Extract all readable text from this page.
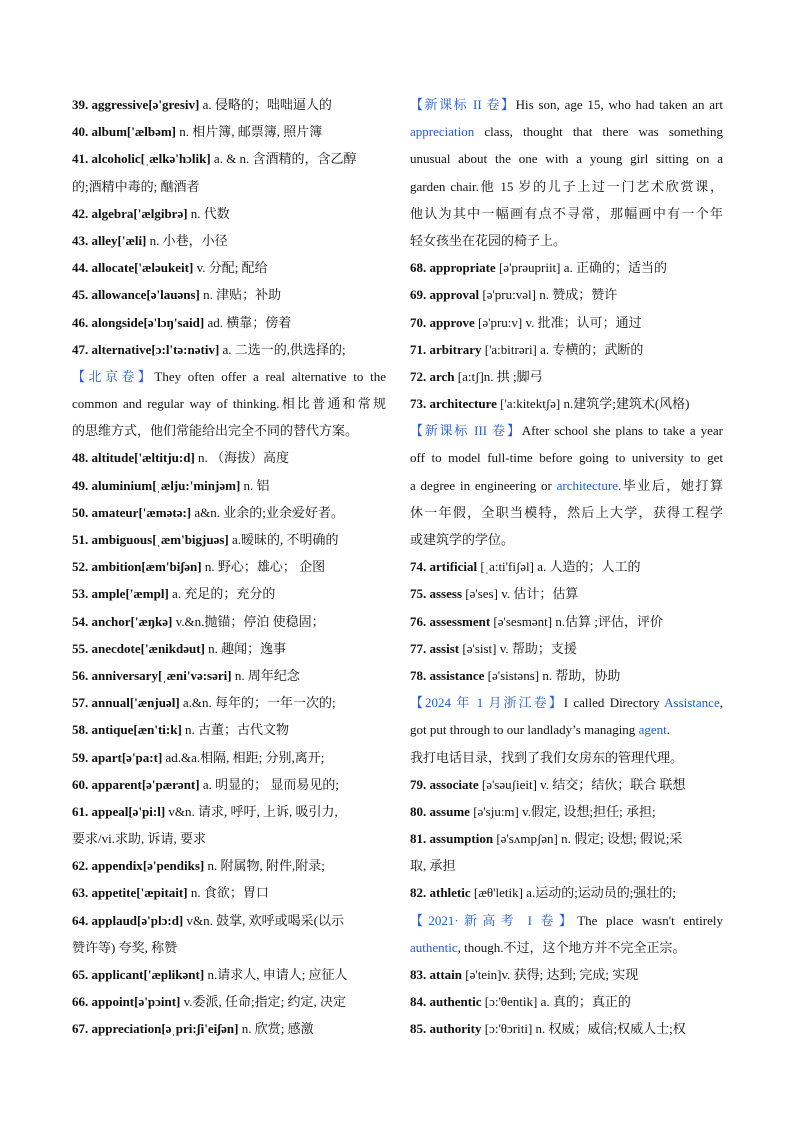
39. aggressive[ə'gresiv] a. 侵略的；咄咄逼人的
40. album['ælbəm] n. 相片簿, 邮票簿, 照片簿
41. alcoholic[ˌælkə'hɔlik] a. & n. 含酒精的，含乙醇
的;酒精中毒的; 酗酒者
42. algebra['ælgibrə] n. 代数
43. alley['æli] n. 小巷，小径
44. allocate['æləukeit] v. 分配; 配给
45. allowance[ə'lauəns] n. 津贴；补助
46. alongside[ə'lɔŋ'said] ad. 横靠；傍着
47. alternative[ɔ:l'tə:nətiv] a. 二选一的,供选择的;
【北京卷】They often offer a real alternative to the
common and regular way of thinking.相比普通和常规
的思维方式，他们常能给出完全不同的替代方案。
48. altitude['æltitju:d] n. （海拔）高度
49. aluminium[ˌælju:'minjəm] n. 铝
50. amateur['æmətə:] a&n. 业余的;业余爱好者。
51. ambiguous[ˌæm'bigjuəs] a.暧昧的, 不明确的
52. ambition[æm'biʃən] n. 野心；雄心； 企图
53. ample['æmpl] a. 充足的；充分的
54. anchor['æŋkə] v.&n.抛锚；停泊 使稳固；
55. anecdote['ænikdəut] n. 趣闻；逸事
56. anniversary[ˌæni'və:səri] n. 周年纪念
57. annual['ænjuəl] a.&n. 每年的；一年一次的;
58. antique[æn'ti:k] n. 古董；古代文物
59. apart[ə'pa:t] ad.&a.相隔, 相距; 分别,离开;
60. apparent[ə'pærənt] a. 明显的； 显而易见的;
61. appeal[ə'pi:l] v&n. 请求, 呼吁, 上诉, 吸引力,
要求/vi.求助, 诉请, 要求
62. appendix[ə'pendiks] n. 附属物, 附件,附录;
63. appetite['æpitait] n. 食欲；胃口
64. applaud[ə'plɔ:d] v&n. 鼓掌, 欢呼或喝采(以示
赞许等) 夸奖, 称赞
65. applicant['æplikənt] n.请求人, 申请人; 应征人
66. appoint[ə'pɔint] v.委派, 任命;指定; 约定, 决定
67. appreciation[əˌpri:ʃi'eiʃən] n. 欣赏; 感激
【新课标 II 卷】His son, age 15, who had taken an art
appreciation class, thought that there was something
unusual about the one with a young girl sitting on a
garden chair.他 15 岁的儿子上过一门艺术欣赏课，
他认为其中一幅画有点不寻常，那幅画中有一个年
轻女孩坐在花园的椅子上。
68. appropriate [ə'prəupriit] a. 正确的；适当的
69. approval [ə'pru:vəl] n. 赞成；赞许
70. approve [ə'pru:v] v. 批准；认可；通过
71. arbitrary ['a:bitrəri] a. 专横的；武断的
72. arch [a:tʃ]n. 拱 ;脚弓
73. architecture ['a:kitektʃə] n.建筑学;建筑术(风格)
【新课标 III 卷】After school she plans to take a year
off to model full-time before going to university to get
a degree in engineering or architecture.毕业后，她打算
休一年假，全职当模特，然后上大学，获得工程学
或建筑学的学位。
74. artificial [ˌa:ti'fiʃəl] a. 人造的；人工的
75. assess [ə'ses] v. 估计；估算
76. assessment [ə'sesmənt] n.估算 ;评估，评价
77. assist [ə'sist] v. 帮助；支援
78. assistance [ə'sistəns] n. 帮助，协助
【2024 年 1 月浙江卷】I called Directory Assistance,
got put through to our landlady’s managing agent.
我打电话目录，找到了我们女房东的管理代理。
79. associate [ə'səuʃieit] v. 结交；结伙；联合 联想
80. assume [ə'sju:m] v.假定, 设想;担任; 承担;
81. assumption [ə'sʌmpʃən] n. 假定; 设想; 假说;采
取, 承担
82. athletic [æθ'letik] a.运动的;运动员的;强壮的;
【2021·新高考 I 卷】The place wasn't entirely
authentic, though.不过，这个地方并不完全正宗。
83. attain [ə'tein]v. 获得; 达到; 完成; 实现
84. authentic [ɔ:'θentik] a. 真的；真正的
85. authority [ɔ:'θɔriti] n. 权威；威信;权威人士;权
